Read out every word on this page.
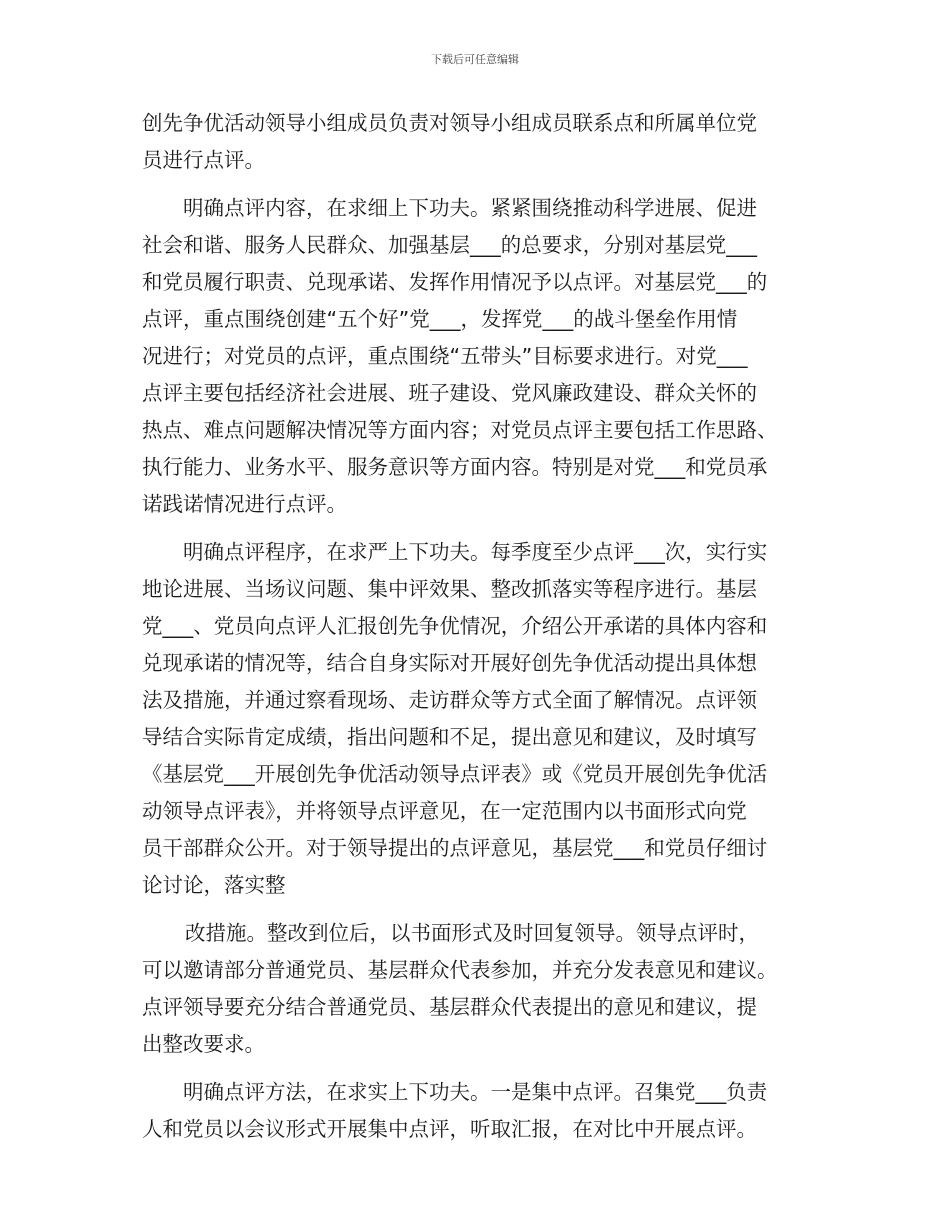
下载后可任意编辑
创先争优活动领导小组成员负责对领导小组成员联系点和所属单位党
员进行点评。
明确点评内容，在求细上下功夫。紧紧围绕推动科学进展、促进
社会和谐、服务人民群众、加强基层___的总要求，分别对基层党___
和党员履行职责、兑现承诺、发挥作用情况予以点评。对基层党___的
点评，重点围绕创建“五个好”党___，发挥党___的战斗堡垒作用情
况进行；对党员的点评，重点围绕“五带头”目标要求进行。对党___
点评主要包括经济社会进展、班子建设、党风廉政建设、群众关怀的
热点、难点问题解决情况等方面内容；对党员点评主要包括工作思路、
执行能力、业务水平、服务意识等方面内容。特别是对党___和党员承
诺践诺情况进行点评。
明确点评程序，在求严上下功夫。每季度至少点评___次，实行实
地论进展、当场议问题、集中评效果、整改抓落实等程序进行。基层
党___、党员向点评人汇报创先争优情况，介绍公开承诺的具体内容和
兑现承诺的情况等，结合自身实际对开展好创先争优活动提出具体想
法及措施，并通过察看现场、走访群众等方式全面了解情况。点评领
导结合实际肯定成绩，指出问题和不足，提出意见和建议，及时填写
《基层党___开展创先争优活动领导点评表》或《党员开展创先争优活
动领导点评表》，并将领导点评意见，在一定范围内以书面形式向党
员干部群众公开。对于领导提出的点评意见，基层党___和党员仔细讨
论讨论，落实整
改措施。整改到位后，以书面形式及时回复领导。领导点评时，
可以邀请部分普通党员、基层群众代表参加，并充分发表意见和建议。
点评领导要充分结合普通党员、基层群众代表提出的意见和建议，提
出整改要求。
明确点评方法，在求实上下功夫。一是集中点评。召集党___负责
人和党员以会议形式开展集中点评，听取汇报，在对比中开展点评。
